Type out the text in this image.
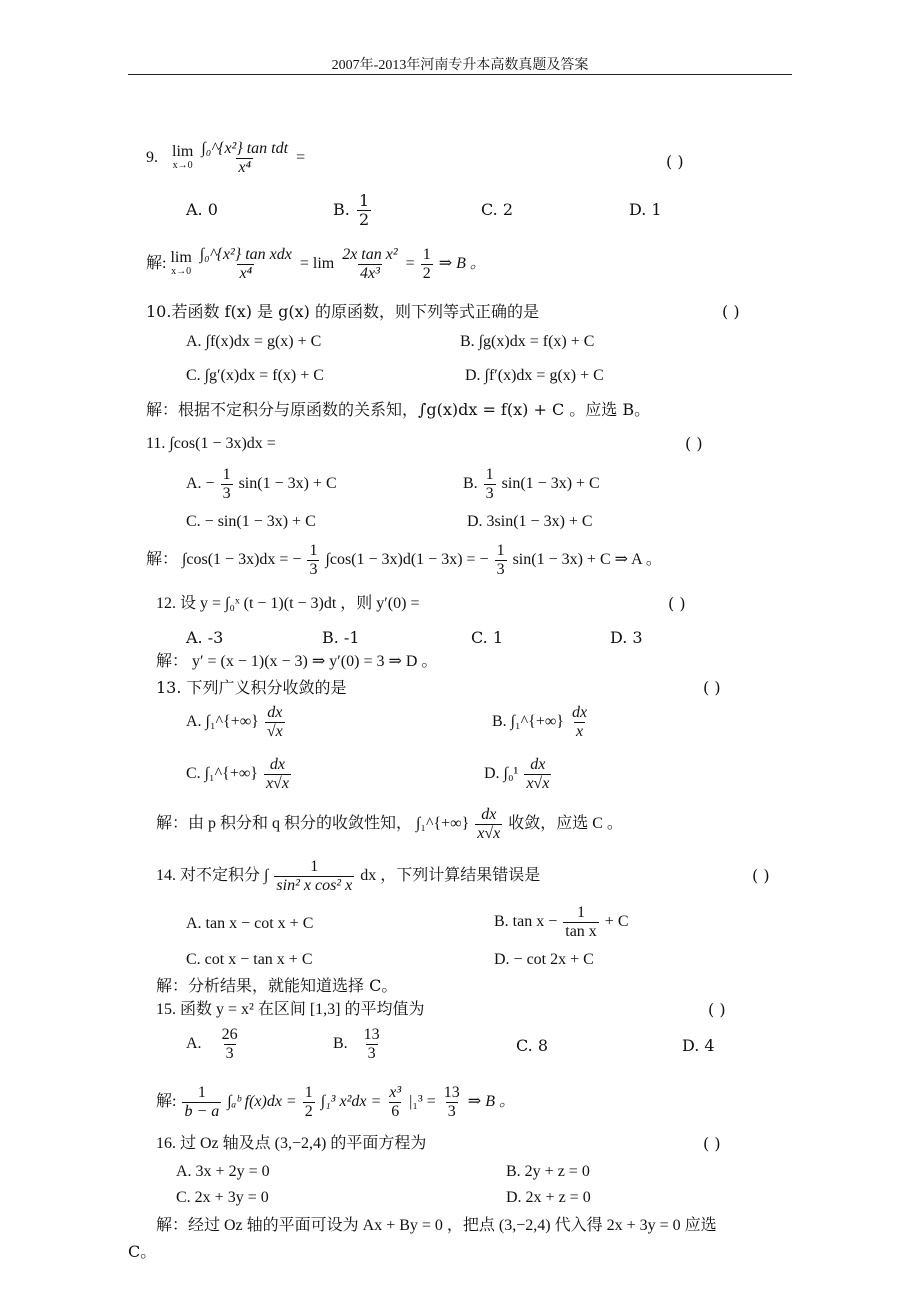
2007年-2013年河南专升本高数真题及答案
9. lim
x→0
$\frac{\text{∫₀\textasciicircum{}\{x²\} tan tdt}}{\text{x⁴}}$ =	( )
A. 0	B. $\frac{1}{2}$	C. 2	D. 1
解: lim
x→0
$\frac{\text{∫₀\textasciicircum{}\{x²\} tan xdx}}{\text{x⁴}} = \lim \frac{\text{2x tan x²}}{\text{4x³}} = \frac{1}{2}$ ⇒ B 。
10.若函数 f(x) 是 g(x) 的原函数，则下列等式正确的是	( )
A. ∫f(x)dx = g(x) + C	B. ∫g(x)dx = f(x) + C
C. ∫g′(x)dx = f(x) + C	D. ∫f′(x)dx = g(x) + C
解：根据不定积分与原函数的关系知，∫g(x)dx = f(x) + C 。应选 B。
11. ∫cos(1 − 3x)dx =	( )
A. − $\frac{1}{3} \sin(1 - 3x) + C$	B. $\frac{1}{3} \sin(1 - 3x) + C$
C. − sin(1 − 3x) + C	D. 3sin(1 − 3x) + C
解： ∫cos(1 − 3x)dx = − $\frac{1}{3} \int\cos(1 - 3x)d(1 - 3x)$ = − $\frac{1}{3} \sin(1 - 3x) + C$ ⇒ A 。
12. 设 y = ∫₀ˣ (t − 1)(t − 3)dt ，则 y′(0) =	( )
A. -3	B. -1	C. 1	D. 3
解： y′ = (x − 1)(x − 3) ⇒ y′(0) = 3 ⇒ D 。
13. 下列广义积分收敛的是	( )
A. ∫₁^{+∞} $\frac{dx}{√x}$	B. ∫₁^{+∞} $\frac{dx}{x}$
C. ∫₁^{+∞} $\frac{dx}{x√x}$	D. $\int_0^1 \frac{dx}{x√x}$
解：由 p 积分和 q 积分的收敛性知， ∫₁^{+∞} $\frac{dx}{x√x}$ 收敛，应选 C 。
14. 对不定积分 ∫ $\frac{1}{\text{sin² x cos² x}}$ dx ，下列计算结果错误是	( )
A. tan x − cot x + C	B. $\tan x - \frac{1}{\text{tan x}} + C$
C. cot x − tan x + C	D. − cot 2x + C
解：分析结果，就能知道选择 C。
15. 函数 y = x² 在区间 [1,3] 的平均值为	( )
A. $\frac{26}{3}$	B. $\frac{13}{3}$	C. 8	D. 4
解: $\frac{1}{b - a}$ ∫ₐᵇ $f(x)dx = \frac{1}{2} \int_1^3$ $x^2dx = \frac{\text{x³}}{6} |_1^3 = \frac{13}{3}$ ⇒ B 。
16. 过 Oz 轴及点 (3,−2,4) 的平面方程为	( )
A. 3x + 2y = 0	B. 2y + z = 0
C. 2x + 3y = 0	D. 2x + z = 0
解：经过 Oz 轴的平面可设为 Ax + By = 0 ，把点 (3,−2,4) 代入得 2x + 3y = 0 应选
C。
